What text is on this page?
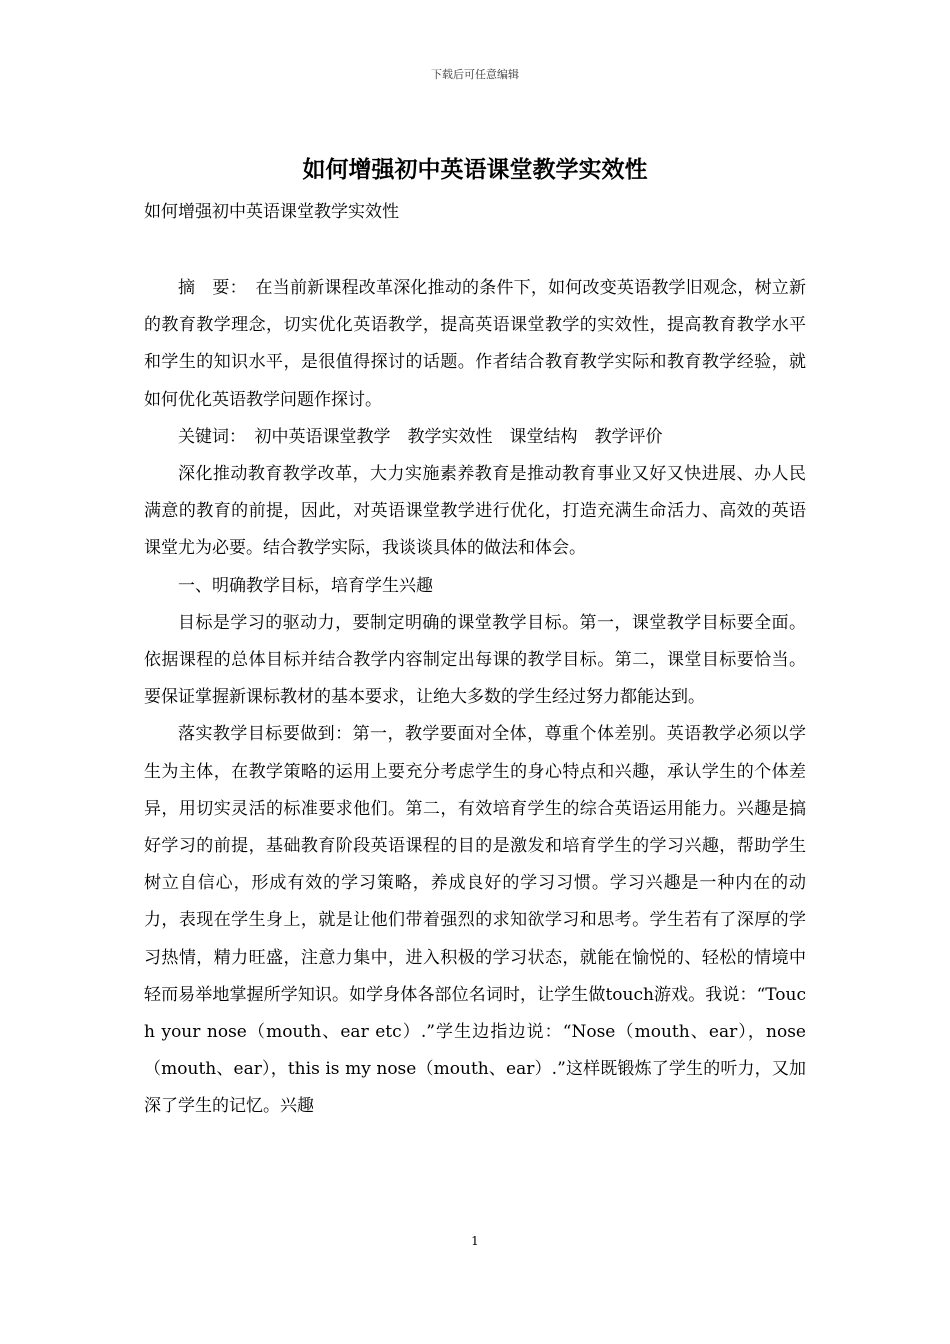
下载后可任意编辑
如何增强初中英语课堂教学实效性

如何增强初中英语课堂教学实效性

摘　要：　在当前新课程改革深化推动的条件下，如何改变英语教学旧观念，树立新的教育教学理念，切实优化英语教学，提高英语课堂教学的实效性，提高教育教学水平和学生的知识水平，是很值得探讨的话题。作者结合教育教学实际和教育教学经验，就如何优化英语教学问题作探讨。

关键词：　初中英语课堂教学　教学实效性　课堂结构　教学评价

深化推动教育教学改革，大力实施素养教育是推动教育事业又好又快进展、办人民满意的教育的前提，因此，对英语课堂教学进行优化，打造充满生命活力、高效的英语课堂尤为必要。结合教学实际，我谈谈具体的做法和体会。

一、明确教学目标，培育学生兴趣

目标是学习的驱动力，要制定明确的课堂教学目标。第一，课堂教学目标要全面。依据课程的总体目标并结合教学内容制定出每课的教学目标。第二，课堂目标要恰当。要保证掌握新课标教材的基本要求，让绝大多数的学生经过努力都能达到。

落实教学目标要做到：第一，教学要面对全体，尊重个体差别。英语教学必须以学生为主体，在教学策略的运用上要充分考虑学生的身心特点和兴趣，承认学生的个体差异，用切实灵活的标准要求他们。第二，有效培育学生的综合英语运用能力。兴趣是搞好学习的前提，基础教育阶段英语课程的目的是激发和培育学生的学习兴趣，帮助学生树立自信心，形成有效的学习策略，养成良好的学习习惯。学习兴趣是一种内在的动力，表现在学生身上，就是让他们带着强烈的求知欲学习和思考。学生若有了深厚的学习热情，精力旺盛，注意力集中，进入积极的学习状态，就能在愉悦的、轻松的情境中轻而易举地掌握所学知识。如学身体各部位名词时，让学生做touch游戏。我说：“Touch your nose（mouth、ear etc）.”学生边指边说：“Nose（mouth、ear），nose（mouth、ear），this is my nose（mouth、ear）.”这样既锻炼了学生的听力，又加深了学生的记忆。兴趣

1
